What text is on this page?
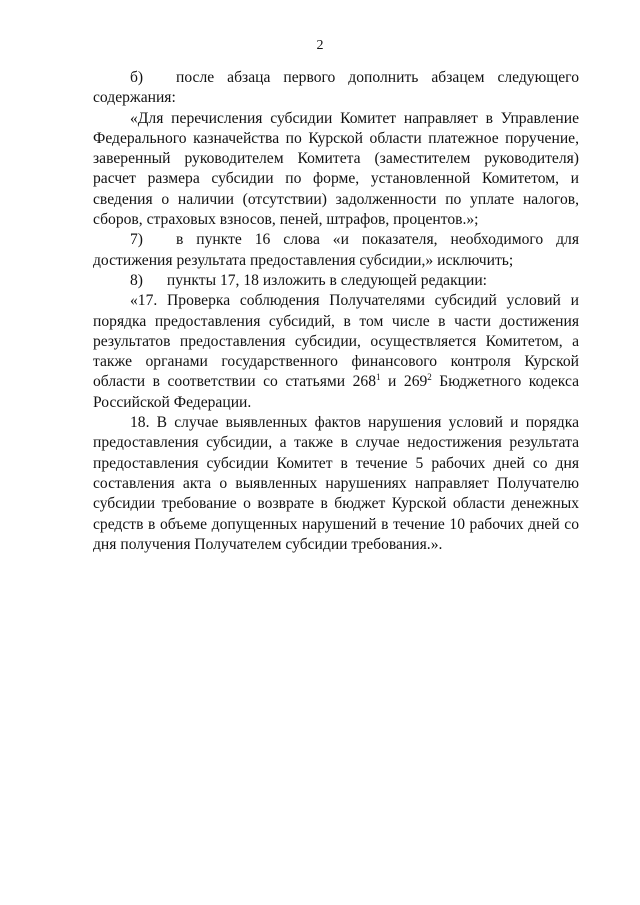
2

б) после абзаца первого дополнить абзацем следующего содержания:

«Для перечисления субсидии Комитет направляет в Управление Федерального казначейства по Курской области платежное поручение, заверенный руководителем Комитета (заместителем руководителя) расчет размера субсидии по форме, установленной Комитетом, и сведения о наличии (отсутствии) задолженности по уплате налогов, сборов, страховых взносов, пеней, штрафов, процентов.»;

7) в пункте 16 слова «и показателя, необходимого для достижения результата предоставления субсидии,» исключить;

8) пункты 17, 18 изложить в следующей редакции:

«17. Проверка соблюдения Получателями субсидий условий и порядка предоставления субсидий, в том числе в части достижения результатов предоставления субсидии, осуществляется Комитетом, а также органами государственного финансового контроля Курской области в соответствии со статьями $268^1$ и $269^2$ Бюджетного кодекса Российской Федерации.

18. В случае выявленных фактов нарушения условий и порядка предоставления субсидии, а также в случае недостижения результата предоставления субсидии Комитет в течение 5 рабочих дней со дня составления акта о выявленных нарушениях направляет Получателю субсидии требование о возврате в бюджет Курской области денежных средств в объеме допущенных нарушений в течение 10 рабочих дней со дня получения Получателем субсидии требования.».
